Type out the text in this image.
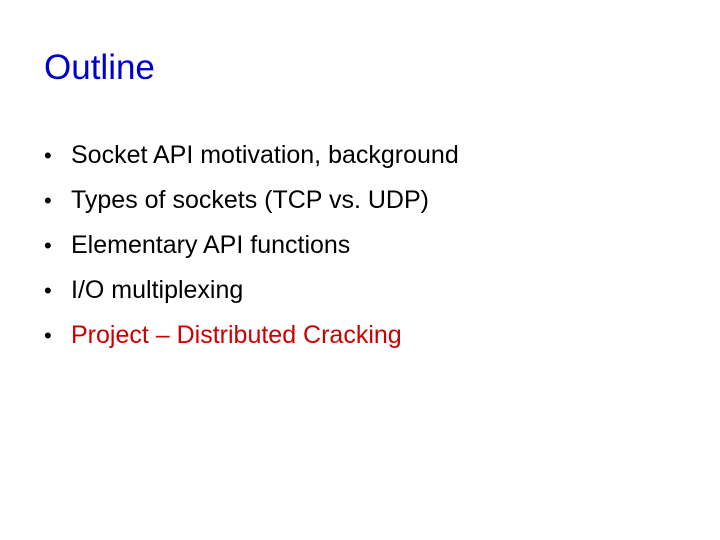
Outline
• Socket API motivation, background
• Types of sockets (TCP vs. UDP)
• Elementary API functions
• I/O multiplexing
• Project – Distributed Cracking
